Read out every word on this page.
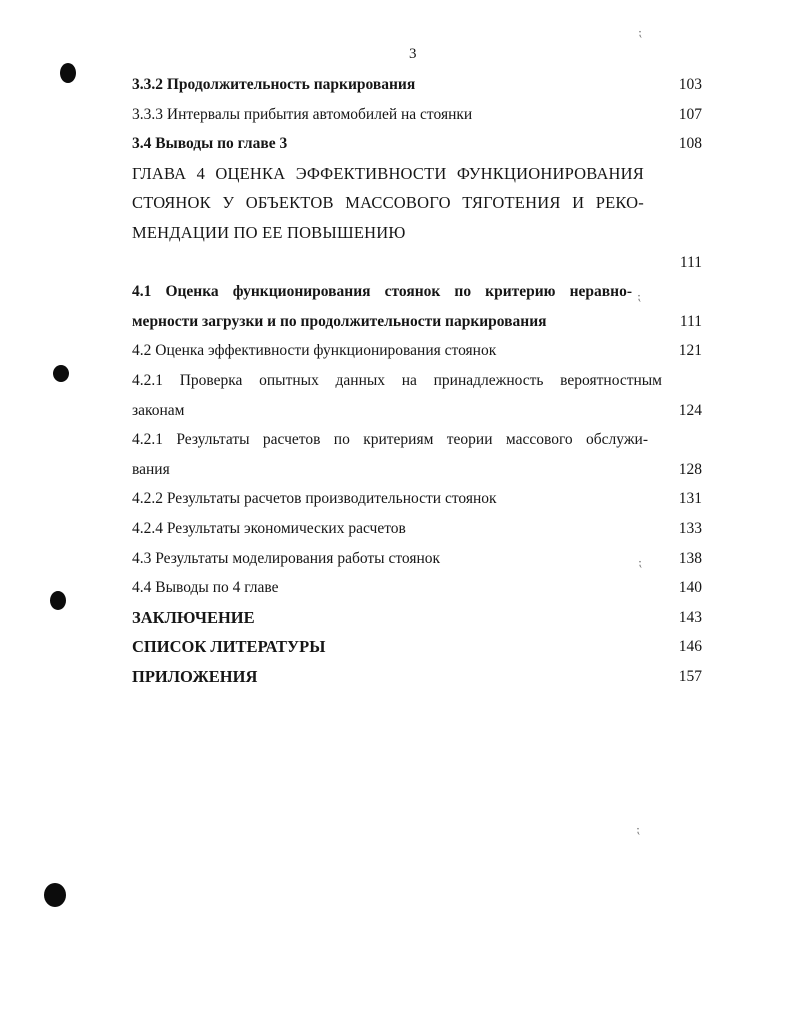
3
⁏
⁏
⁏
⁏
3.3.2 Продолжительность паркирования	103
3.3.3 Интервалы прибытия автомобилей на стоянки	107
3.4 Выводы по главе 3	108
ГЛАВА 4 ОЦЕНКА ЭФФЕКТИВНОСТИ ФУНКЦИОНИРОВАНИЯ
СТОЯНОК У ОБЪЕКТОВ МАССОВОГО ТЯГОТЕНИЯ И РЕКО-
МЕНДАЦИИ ПО ЕЕ ПОВЫШЕНИЮ
111
4.1 Оценка функционирования стоянок по критерию неравно-
мерности загрузки и по продолжительности паркирования	111
4.2 Оценка эффективности функционирования стоянок	121
4.2.1 Проверка опытных данных на принадлежность вероятностным
законам	124
4.2.1 Результаты расчетов по критериям теории массового обслужи-
вания	128
4.2.2 Результаты расчетов производительности стоянок	131
4.2.4 Результаты экономических расчетов	133
4.3 Результаты моделирования работы стоянок	138
4.4 Выводы по 4 главе	140
ЗАКЛЮЧЕНИЕ	143
СПИСОК ЛИТЕРАТУРЫ	146
ПРИЛОЖЕНИЯ	157
